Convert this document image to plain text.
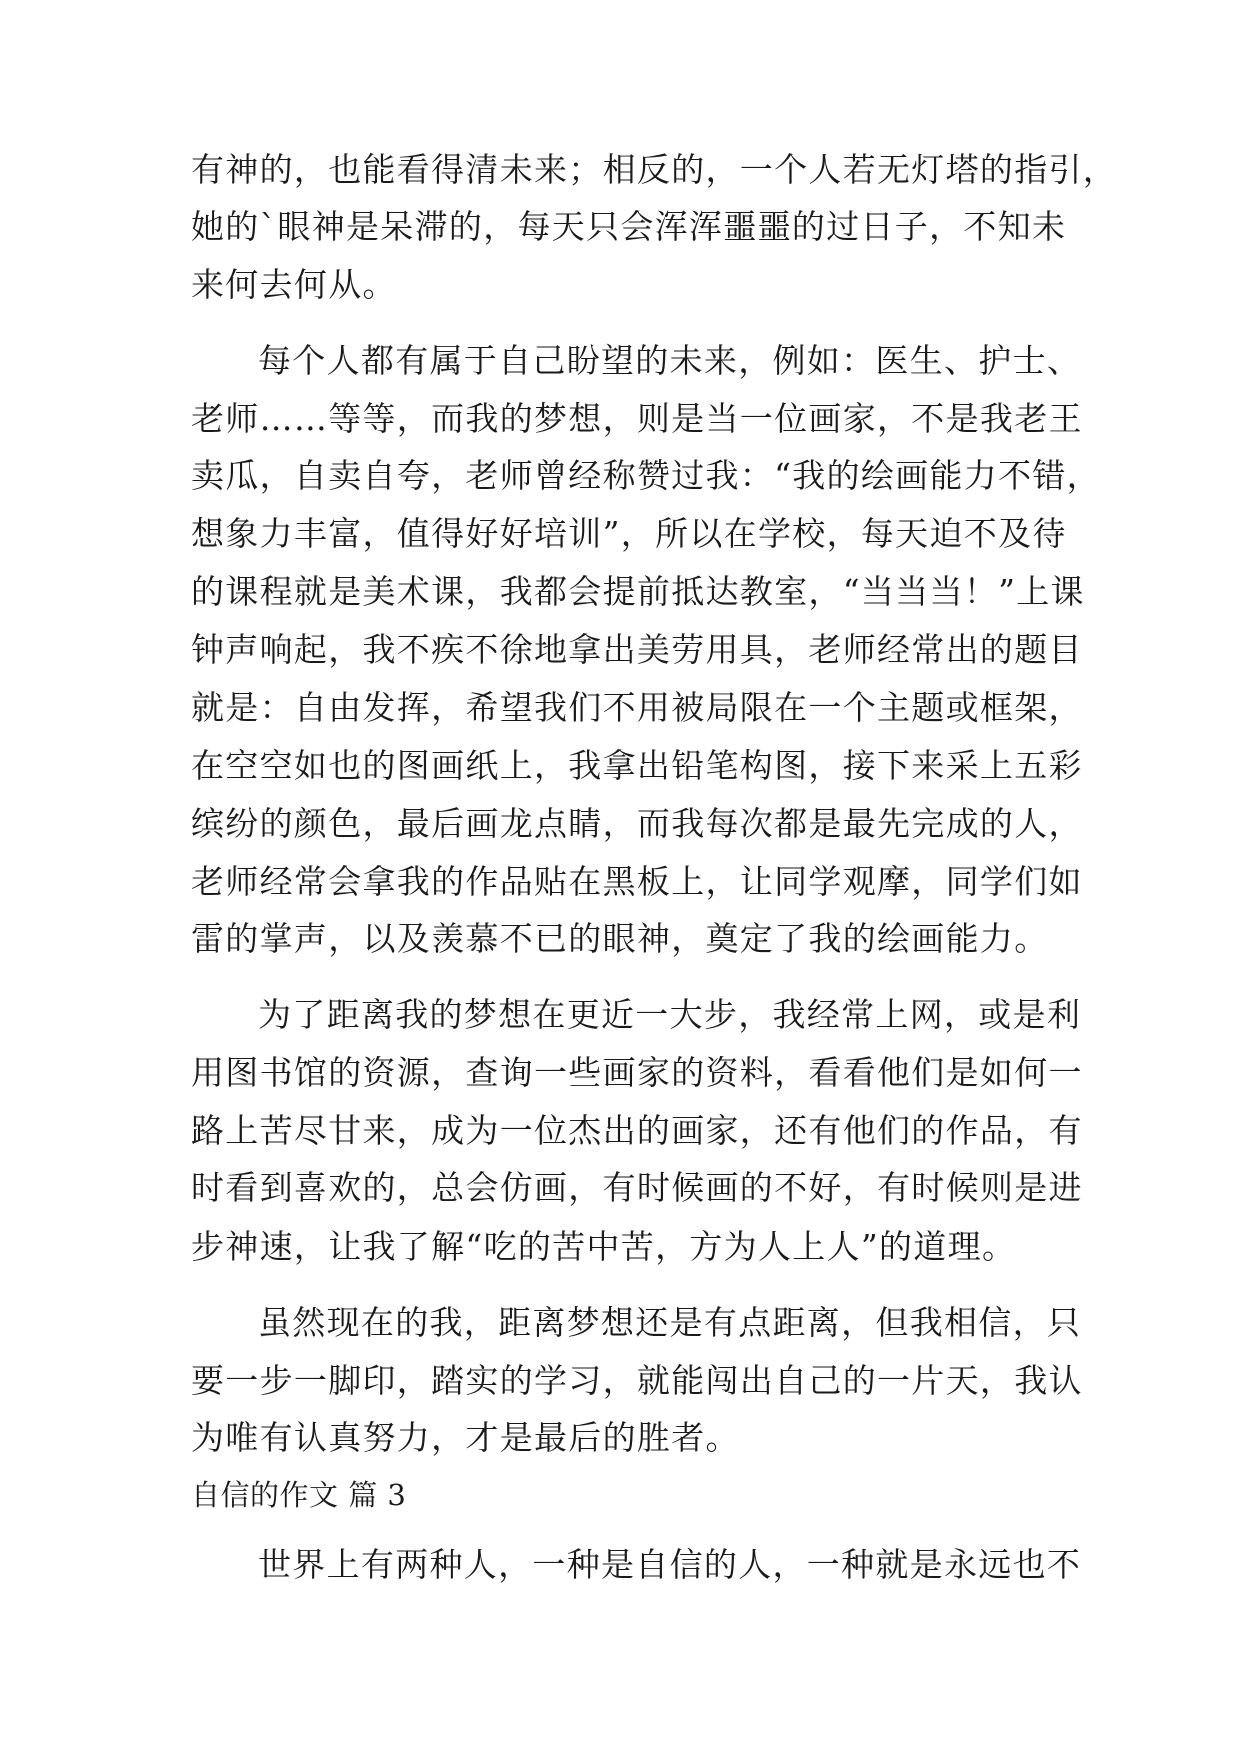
有神的，也能看得清未来；相反的，一个人若无灯塔的指引，
她的`眼神是呆滞的，每天只会浑浑噩噩的过日子，不知未
来何去何从。
每个人都有属于自己盼望的未来，例如：医生、护士、
老师……等等，而我的梦想，则是当一位画家，不是我老王
卖瓜，自卖自夸，老师曾经称赞过我：“我的绘画能力不错，
想象力丰富，值得好好培训”，所以在学校，每天迫不及待
的课程就是美术课，我都会提前抵达教室，“当当当！”上课
钟声响起，我不疾不徐地拿出美劳用具，老师经常出的题目
就是：自由发挥，希望我们不用被局限在一个主题或框架，
在空空如也的图画纸上，我拿出铅笔构图，接下来采上五彩
缤纷的颜色，最后画龙点睛，而我每次都是最先完成的人，
老师经常会拿我的作品贴在黑板上，让同学观摩，同学们如
雷的掌声，以及羡慕不已的眼神，奠定了我的绘画能力。
为了距离我的梦想在更近一大步，我经常上网，或是利
用图书馆的资源，查询一些画家的资料，看看他们是如何一
路上苦尽甘来，成为一位杰出的画家，还有他们的作品，有
时看到喜欢的，总会仿画，有时候画的不好，有时候则是进
步神速，让我了解“吃的苦中苦，方为人上人”的道理。
虽然现在的我，距离梦想还是有点距离，但我相信，只
要一步一脚印，踏实的学习，就能闯出自己的一片天，我认
为唯有认真努力，才是最后的胜者。
自信的作文 篇 3
世界上有两种人，一种是自信的人，一种就是永远也不
